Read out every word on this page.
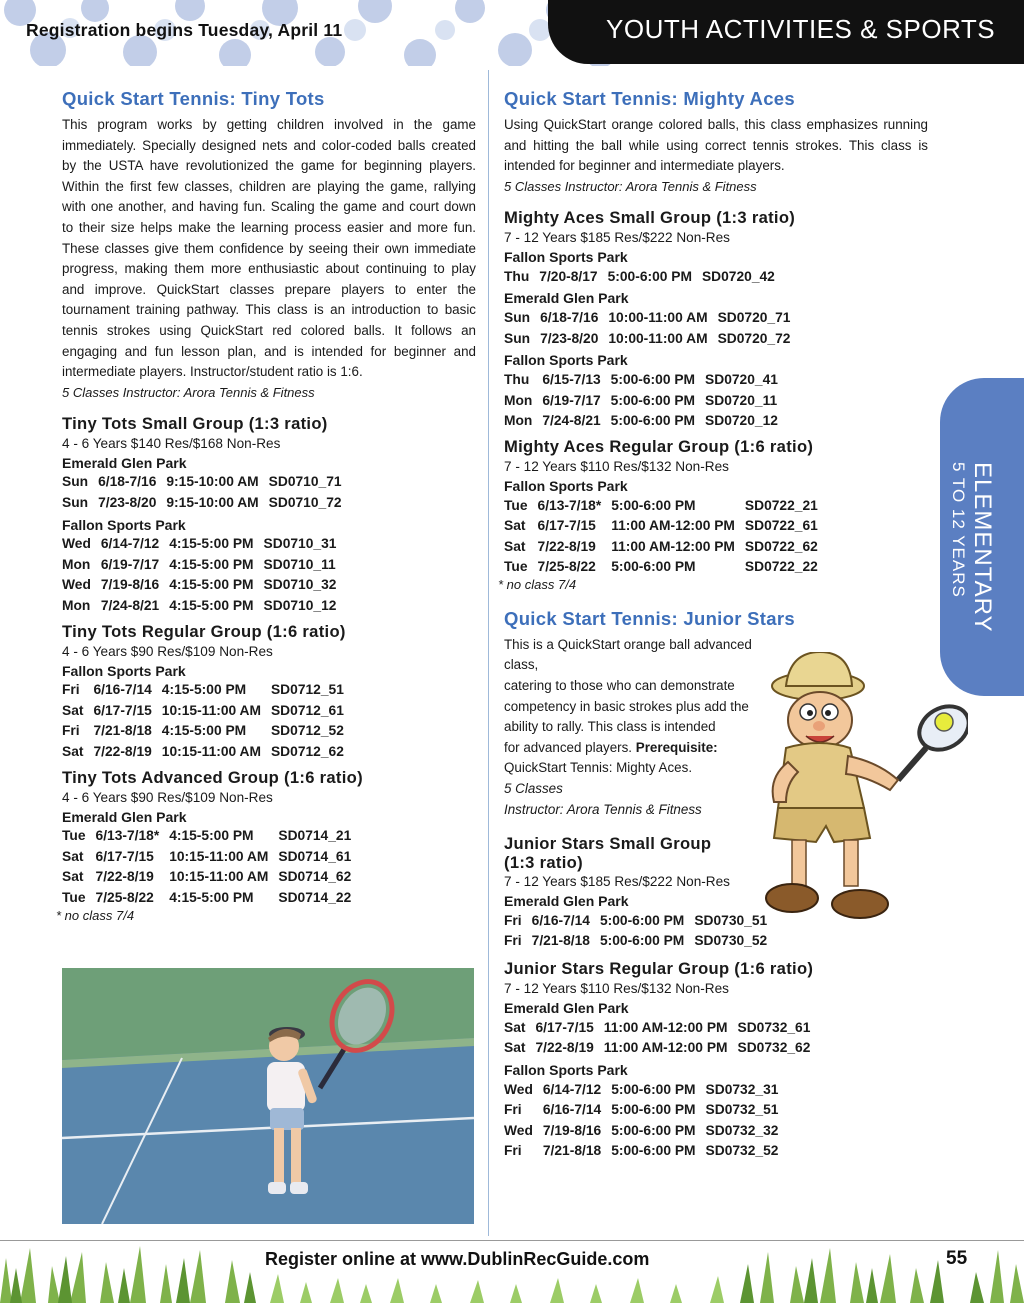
Registration begins Tuesday, April 11	YOUTH ACTIVITIES & SPORTS
ELEMENTARY
5 TO 12 YEARS
Quick Start Tennis: Tiny Tots

This program works by getting children involved in the game immediately. Specially designed nets and color-coded balls created by the USTA have revolutionized the game for beginning players. Within the first few classes, children are playing the game, rallying with one another, and having fun. Scaling the game and court down to their size helps make the learning process easier and more fun. These classes give them confidence by seeing their own immediate progress, making them more enthusiastic about continuing to play and improve. QuickStart classes prepare players to enter the tournament training pathway. This class is an introduction to basic tennis strokes using QuickStart red colored balls. It follows an engaging and fun lesson plan, and is intended for beginner and intermediate players. Instructor/student ratio is 1:6.

5 Classes Instructor: Arora Tennis & Fitness

Tiny Tots Small Group (1:3 ratio)
4 - 6 Years $140 Res/$168 Non-Res
Emerald Glen Park
Sun	6/18-7/16	9:15-10:00 AM	SD0710_71
Sun	7/23-8/20	9:15-10:00 AM	SD0710_72
Fallon Sports Park
Wed	6/14-7/12	4:15-5:00 PM	SD0710_31
Mon	6/19-7/17	4:15-5:00 PM	SD0710_11
Wed	7/19-8/16	4:15-5:00 PM	SD0710_32
Mon	7/24-8/21	4:15-5:00 PM	SD0710_12
Tiny Tots Regular Group (1:6 ratio)
4 - 6 Years $90 Res/$109 Non-Res
Fallon Sports Park
Fri	6/16-7/14	4:15-5:00 PM	SD0712_51
Sat	6/17-7/15	10:15-11:00 AM	SD0712_61
Fri	7/21-8/18	4:15-5:00 PM	SD0712_52
Sat	7/22-8/19	10:15-11:00 AM	SD0712_62
Tiny Tots Advanced Group (1:6 ratio)
4 - 6 Years $90 Res/$109 Non-Res
Emerald Glen Park
Tue	6/13-7/18*	4:15-5:00 PM	SD0714_21
Sat	6/17-7/15	10:15-11:00 AM	SD0714_61
Sat	7/22-8/19	10:15-11:00 AM	SD0714_62
Tue	7/25-8/22	4:15-5:00 PM	SD0714_22
* no class 7/4
Quick Start Tennis: Mighty Aces

Using QuickStart orange colored balls, this class emphasizes running and hitting the ball while using correct tennis strokes. This class is intended for beginner and intermediate players.

5 Classes Instructor: Arora Tennis & Fitness

Mighty Aces Small Group (1:3 ratio)
7 - 12 Years $185 Res/$222 Non-Res
Fallon Sports Park
Thu	7/20-8/17	5:00-6:00 PM	SD0720_42
Emerald Glen Park
Sun	6/18-7/16	10:00-11:00 AM	SD0720_71
Sun	7/23-8/20	10:00-11:00 AM	SD0720_72
Fallon Sports Park
Thu	6/15-7/13	5:00-6:00 PM	SD0720_41
Mon	6/19-7/17	5:00-6:00 PM	SD0720_11
Mon	7/24-8/21	5:00-6:00 PM	SD0720_12
Mighty Aces Regular Group (1:6 ratio)
7 - 12 Years $110 Res/$132 Non-Res
Fallon Sports Park
Tue	6/13-7/18*	5:00-6:00 PM	SD0722_21
Sat	6/17-7/15	11:00 AM-12:00 PM	SD0722_61
Sat	7/22-8/19	11:00 AM-12:00 PM	SD0722_62
Tue	7/25-8/22	5:00-6:00 PM	SD0722_22
* no class 7/4
Quick Start Tennis: Junior Stars
This is a QuickStart orange ball advanced class,
catering to those who can demonstrate
competency in basic strokes plus add the
ability to rally. This class is intended
for advanced players. Prerequisite:
QuickStart Tennis: Mighty Aces.
5 Classes
Instructor: Arora Tennis & Fitness
Junior Stars Small Group
(1:3 ratio)
7 - 12 Years $185 Res/$222 Non-Res
Emerald Glen Park
Fri	6/16-7/14	5:00-6:00 PM	SD0730_51
Fri	7/21-8/18	5:00-6:00 PM	SD0730_52
Junior Stars Regular Group (1:6 ratio)
7 - 12 Years $110 Res/$132 Non-Res
Emerald Glen Park
Sat	6/17-7/15	11:00 AM-12:00 PM	SD0732_61
Sat	7/22-8/19	11:00 AM-12:00 PM	SD0732_62
Fallon Sports Park
Wed	6/14-7/12	5:00-6:00 PM	SD0732_31
Fri	6/16-7/14	5:00-6:00 PM	SD0732_51
Wed	7/19-8/16	5:00-6:00 PM	SD0732_32
Fri	7/21-8/18	5:00-6:00 PM	SD0732_52
Register online at www.DublinRecGuide.com	55
